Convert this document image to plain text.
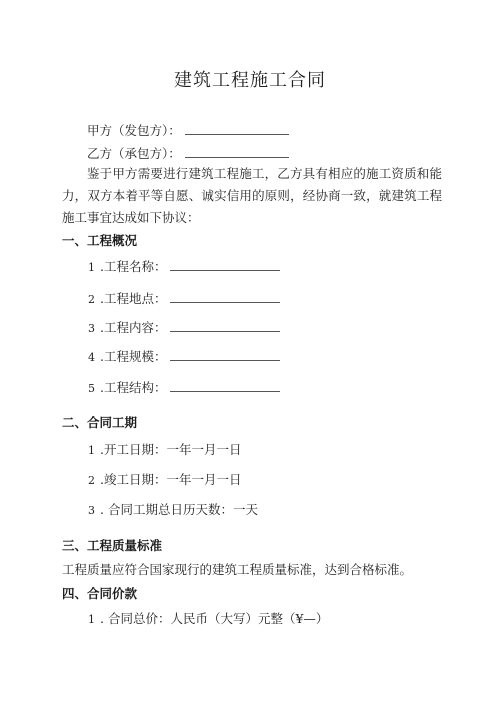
建筑工程施工合同
甲方（发包方）：
乙方（承包方）：
鉴于甲方需要进行建筑工程施工，乙方具有相应的施工资质和能力，双方本着平等自愿、诚实信用的原则，经协商一致，就建筑工程施工事宜达成如下协议：
一、工程概况
1 .工程名称：
2 .工程地点：
3 .工程内容：
4 .工程规模：
5 .工程结构：
二、合同工期
1 .开工日期：一年一月一日
2 .竣工日期：一年一月一日
3 . 合同工期总日历天数：一天
三、工程质量标准
工程质量应符合国家现行的建筑工程质量标准，达到合格标准。
四、合同价款
1 . 合同总价：人民币（大写）元整（¥—）
